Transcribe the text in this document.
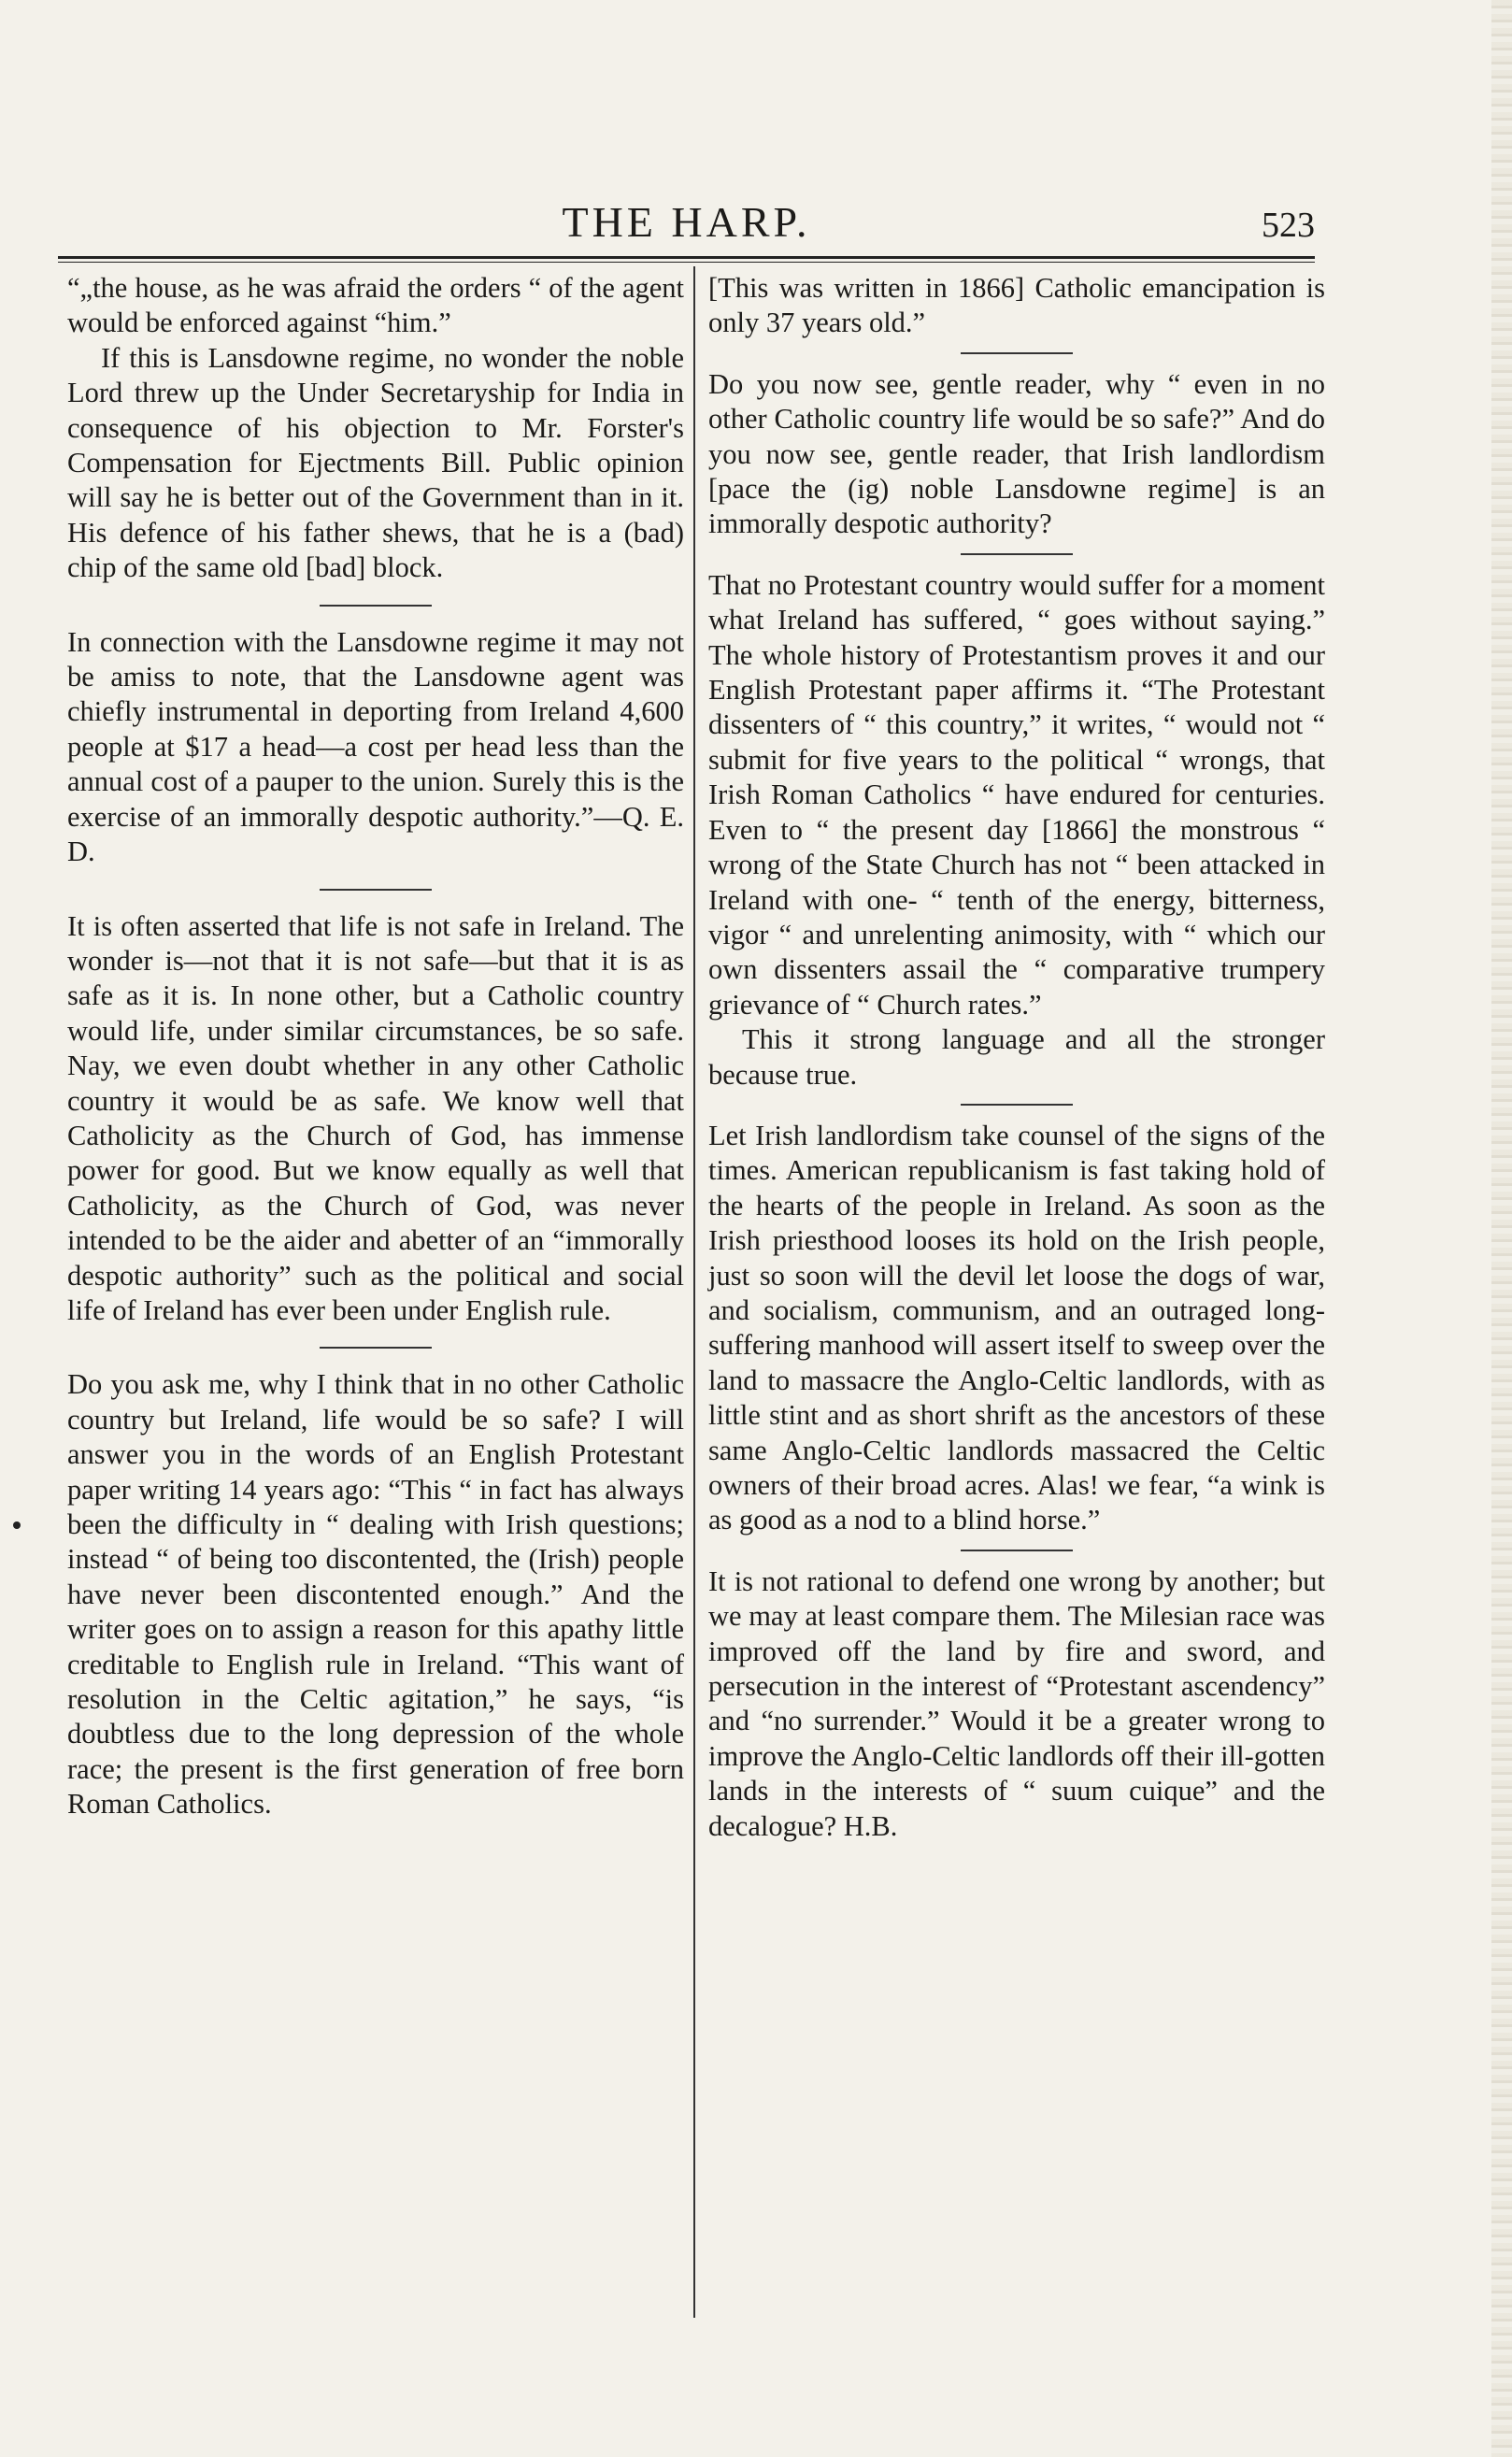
THE HARP.	523

“„the house, as he was afraid the orders “ of the agent would be enforced against “him.”

If this is Lansdowne regime, no wonder the noble Lord threw up the Under Secretaryship for India in consequence of his objection to Mr. Forster's Compensation for Ejectments Bill. Public opinion will say he is better out of the Government than in it. His defence of his father shews, that he is a (bad) chip of the same old [bad] block.

In connection with the Lansdowne regime it may not be amiss to note, that the Lansdowne agent was chiefly instrumental in deporting from Ireland 4,600 people at $17 a head—a cost per head less than the annual cost of a pauper to the union. Surely this is the exercise of an immorally despotic authority.”—Q. E. D.

It is often asserted that life is not safe in Ireland. The wonder is—not that it is not safe—but that it is as safe as it is. In none other, but a Catholic country would life, under similar circumstances, be so safe. Nay, we even doubt whether in any other Catholic country it would be as safe. We know well that Catholicity as the Church of God, has immense power for good. But we know equally as well that Catholicity, as the Church of God, was never intended to be the aider and abetter of an “immorally despotic authority” such as the political and social life of Ireland has ever been under English rule.

Do you ask me, why I think that in no other Catholic country but Ireland, life would be so safe? I will answer you in the words of an English Protestant paper writing 14 years ago: “This “ in fact has always been the difficulty in “ dealing with Irish questions; instead “ of being too discontented, the (Irish) people have never been discontented enough.” And the writer goes on to assign a reason for this apathy little creditable to English rule in Ireland. “This want of resolution in the Celtic agitation,” he says, “is doubtless due to the long depression of the whole race; the present is the first generation of free born Roman Catholics.

[This was written in 1866] Catholic emancipation is only 37 years old.”

Do you now see, gentle reader, why “ even in no other Catholic country life would be so safe?” And do you now see, gentle reader, that Irish landlordism [pace the (ig) noble Lansdowne regime] is an immorally despotic authority?

That no Protestant country would suffer for a moment what Ireland has suffered, “ goes without saying.” The whole history of Protestantism proves it and our English Protestant paper affirms it. “The Protestant dissenters of “ this country,” it writes, “ would not “ submit for five years to the political “ wrongs, that Irish Roman Catholics “ have endured for centuries. Even to “ the present day [1866] the monstrous “ wrong of the State Church has not “ been attacked in Ireland with one- “ tenth of the energy, bitterness, vigor “ and unrelenting animosity, with “ which our own dissenters assail the “ comparative trumpery grievance of “ Church rates.”

This it strong language and all the stronger because true.

Let Irish landlordism take counsel of the signs of the times. American republicanism is fast taking hold of the hearts of the people in Ireland. As soon as the Irish priesthood looses its hold on the Irish people, just so soon will the devil let loose the dogs of war, and socialism, communism, and an outraged long-suffering manhood will assert itself to sweep over the land to massacre the Anglo-Celtic landlords, with as little stint and as short shrift as the ancestors of these same Anglo-Celtic landlords massacred the Celtic owners of their broad acres. Alas! we fear, “a wink is as good as a nod to a blind horse.”

It is not rational to defend one wrong by another; but we may at least compare them. The Milesian race was improved off the land by fire and sword, and persecution in the interest of “Protestant ascendency” and “no surrender.” Would it be a greater wrong to improve the Anglo-Celtic landlords off their ill-gotten lands in the interests of “ suum cuique” and the decalogue? H.B.
